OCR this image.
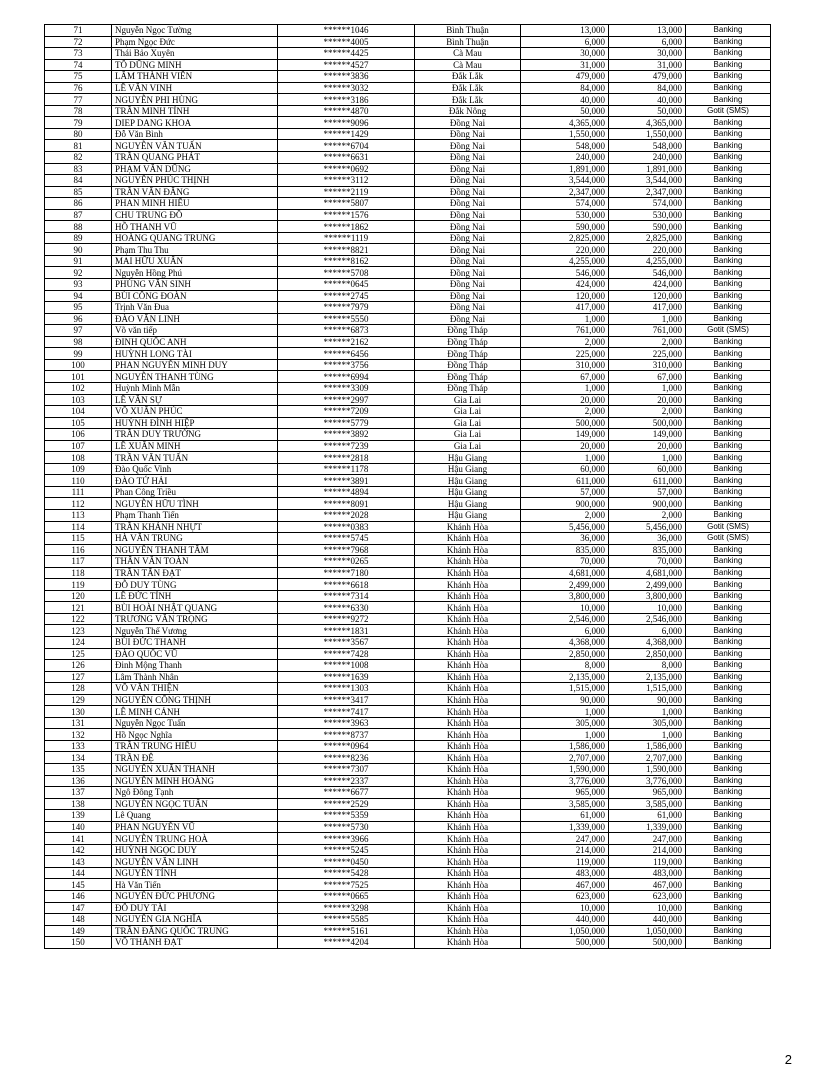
71	Nguyễn Ngọc Tường	******1046	Bình Thuận	13,000	13,000	Banking
72	Phạm Ngọc Đức	******4005	Bình Thuận	6,000	6,000	Banking
73	Thái Bảo Xuyên	******4425	Cà Mau	30,000	30,000	Banking
74	TÔ DŨNG MINH	******4527	Cà Mau	31,000	31,000	Banking
75	LÂM THÀNH VIÊN	******3836	Đắk Lắk	479,000	479,000	Banking
76	LÊ VĂN VINH	******3032	Đắk Lắk	84,000	84,000	Banking
77	NGUYỄN PHI HÙNG	******3186	Đắk Lắk	40,000	40,000	Banking
78	TRẦN MINH TÍNH	******4870	Đắk Nông	50,000	50,000	Gotit (SMS)
79	DIEP DANG KHOA	******9096	Đồng Nai	4,365,000	4,365,000	Banking
80	Đỗ Văn Bình	******1429	Đồng Nai	1,550,000	1,550,000	Banking
81	NGUYỄN VĂN TUẤN	******6704	Đồng Nai	548,000	548,000	Banking
82	TRẦN QUANG PHÁT	******6631	Đồng Nai	240,000	240,000	Banking
83	PHẠM VĂN DŨNG	******0692	Đồng Nai	1,891,000	1,891,000	Banking
84	NGUYỄN PHÚC THỊNH	******3112	Đồng Nai	3,544,000	3,544,000	Banking
85	TRẦN VĂN ĐĂNG	******2119	Đồng Nai	2,347,000	2,347,000	Banking
86	PHAN MINH HIẾU	******5807	Đồng Nai	574,000	574,000	Banking
87	CHU TRUNG ĐỒ	******1576	Đồng Nai	530,000	530,000	Banking
88	HỒ THANH VŨ	******1862	Đồng Nai	590,000	590,000	Banking
89	HOÀNG QUANG TRUNG	******1119	Đồng Nai	2,825,000	2,825,000	Banking
90	Phạm Thu Thu	******8821	Đồng Nai	220,000	220,000	Banking
91	MAI HỮU XUÂN	******8162	Đồng Nai	4,255,000	4,255,000	Banking
92	Nguyễn Hồng Phú	******5708	Đồng Nai	546,000	546,000	Banking
93	PHÙNG VĂN SINH	******0645	Đồng Nai	424,000	424,000	Banking
94	BÙI CÔNG ĐOÀN	******2745	Đồng Nai	120,000	120,000	Banking
95	Trịnh Văn Đua	******7979	Đồng Nai	417,000	417,000	Banking
96	ĐÀO VĂN LINH	******5550	Đồng Nai	1,000	1,000	Banking
97	Võ văn tiếp	******6873	Đồng Tháp	761,000	761,000	Gotit (SMS)
98	ĐINH QUỐC ANH	******2162	Đồng Tháp	2,000	2,000	Banking
99	HUỲNH LONG TÀI	******6456	Đồng Tháp	225,000	225,000	Banking
100	PHAN NGUYỄN MINH DUY	******3756	Đồng Tháp	310,000	310,000	Banking
101	NGUYỄN THANH TÙNG	******6994	Đồng Tháp	67,000	67,000	Banking
102	Huỳnh Minh Mẫn	******3309	Đồng Tháp	1,000	1,000	Banking
103	LÊ VĂN SỰ	******2997	Gia Lai	20,000	20,000	Banking
104	VÕ XUÂN PHÚC	******7209	Gia Lai	2,000	2,000	Banking
105	HUỲNH ĐÌNH HIỆP	******5779	Gia Lai	500,000	500,000	Banking
106	TRẦN DUY TRƯỜNG	******3892	Gia Lai	149,000	149,000	Banking
107	LÊ XUÂN MINH	******7239	Gia Lai	20,000	20,000	Banking
108	TRẦN VĂN TUẤN	******2818	Hậu Giang	1,000	1,000	Banking
109	Đào Quốc Vinh	******1178	Hậu Giang	60,000	60,000	Banking
110	ĐÀO TỨ HẢI	******3891	Hậu Giang	611,000	611,000	Banking
111	Phan Công Triều	******4894	Hậu Giang	57,000	57,000	Banking
112	NGUYỄN HỮU TÌNH	******8091	Hậu Giang	900,000	900,000	Banking
113	Phạm Thanh Tiến	******2028	Hậu Giang	2,000	2,000	Banking
114	TRẦN KHÁNH NHỰT	******0383	Khánh Hòa	5,456,000	5,456,000	Gotit (SMS)
115	HÀ VĂN TRUNG	******5745	Khánh Hòa	36,000	36,000	Gotit (SMS)
116	NGUYỄN THANH TÂM	******7968	Khánh Hòa	835,000	835,000	Banking
117	THÂN VĂN TOÀN	******0265	Khánh Hòa	70,000	70,000	Banking
118	TRẦN TẤN ĐẠT	******7180	Khánh Hòa	4,681,000	4,681,000	Banking
119	ĐỖ DUY TÙNG	******6618	Khánh Hòa	2,499,000	2,499,000	Banking
120	LÊ ĐỨC TÍNH	******7314	Khánh Hòa	3,800,000	3,800,000	Banking
121	BÙI HOÀI NHẬT QUANG	******6330	Khánh Hòa	10,000	10,000	Banking
122	TRƯƠNG VĂN TRỌNG	******9272	Khánh Hòa	2,546,000	2,546,000	Banking
123	Nguyễn Thế Vương	******1831	Khánh Hòa	6,000	6,000	Banking
124	BÙI ĐỨC THANH	******3567	Khánh Hòa	4,368,000	4,368,000	Banking
125	ĐÀO QUỐC VŨ	******7428	Khánh Hòa	2,850,000	2,850,000	Banking
126	Đinh Mộng Thanh	******1008	Khánh Hòa	8,000	8,000	Banking
127	Lâm Thành Nhân	******1639	Khánh Hòa	2,135,000	2,135,000	Banking
128	VÕ VĂN THIỆN	******1303	Khánh Hòa	1,515,000	1,515,000	Banking
129	NGUYỄN CÔNG THỊNH	******3417	Khánh Hòa	90,000	90,000	Banking
130	LÊ MINH CẢNH	******7417	Khánh Hòa	1,000	1,000	Banking
131	Nguyễn Ngọc Tuấn	******3963	Khánh Hòa	305,000	305,000	Banking
132	Hồ Ngọc Nghĩa	******8737	Khánh Hòa	1,000	1,000	Banking
133	TRẦN TRUNG HIẾU	******0964	Khánh Hòa	1,586,000	1,586,000	Banking
134	TRẦN ĐỆ	******8236	Khánh Hòa	2,707,000	2,707,000	Banking
135	NGUYỄN XUÂN THANH	******7307	Khánh Hòa	1,590,000	1,590,000	Banking
136	NGUYỄN MINH HOÀNG	******2337	Khánh Hòa	3,776,000	3,776,000	Banking
137	Ngô Đông Tạnh	******6677	Khánh Hòa	965,000	965,000	Banking
138	NGUYỄN NGỌC TUẤN	******2529	Khánh Hòa	3,585,000	3,585,000	Banking
139	Lê Quang	******5359	Khánh Hòa	61,000	61,000	Banking
140	PHAN NGUYỄN VŨ	******5730	Khánh Hòa	1,339,000	1,339,000	Banking
141	NGUYỄN TRUNG HOÀ	******3966	Khánh Hòa	247,000	247,000	Banking
142	HUỲNH NGỌC DUY	******5245	Khánh Hòa	214,000	214,000	Banking
143	NGUYỄN VĂN LINH	******0450	Khánh Hòa	119,000	119,000	Banking
144	NGUYỄN TÍNH	******5428	Khánh Hòa	483,000	483,000	Banking
145	Hà Văn Tiến	******7525	Khánh Hòa	467,000	467,000	Banking
146	NGUYỄN ĐỨC PHƯƠNG	******0665	Khánh Hòa	623,000	623,000	Banking
147	ĐỖ DUY TÀI	******3298	Khánh Hòa	10,000	10,000	Banking
148	NGUYỄN GIA NGHĨA	******5585	Khánh Hòa	440,000	440,000	Banking
149	TRẦN ĐĂNG QUỐC TRUNG	******5161	Khánh Hòa	1,050,000	1,050,000	Banking
150	VÕ THÀNH ĐẠT	******4204	Khánh Hòa	500,000	500,000	Banking
2
